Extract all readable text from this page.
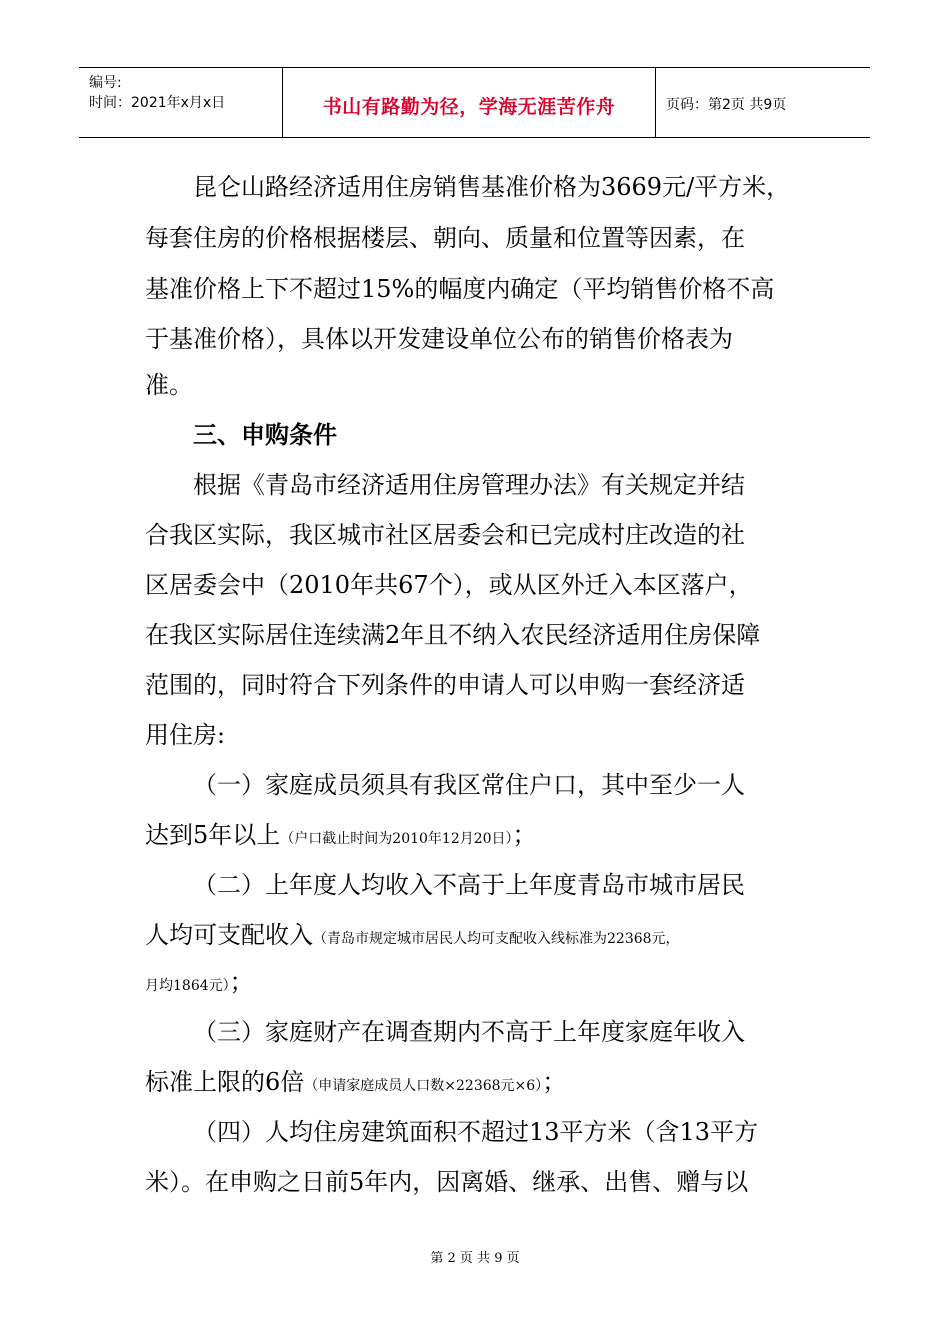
编号:
时间：2021年x月x日	书山有路勤为径，学海无涯苦作舟	页码：第2页 共9页
昆仑山路经济适用住房销售基准价格为3669元/平方米，
每套住房的价格根据楼层、朝向、质量和位置等因素，在
基准价格上下不超过15%的幅度内确定（平均销售价格不高
于基准价格），具体以开发建设单位公布的销售价格表为
准。
三、申购条件
根据《青岛市经济适用住房管理办法》有关规定并结
合我区实际，我区城市社区居委会和已完成村庄改造的社
区居委会中（2010年共67个），或从区外迁入本区落户，
在我区实际居住连续满2年且不纳入农民经济适用住房保障
范围的，同时符合下列条件的申请人可以申购一套经济适
用住房:
（一）家庭成员须具有我区常住户口，其中至少一人
达到5年以上（户口截止时间为2010年12月20日）；
（二）上年度人均收入不高于上年度青岛市城市居民
人均可支配收入（青岛市规定城市居民人均可支配收入线标准为22368元，
月均1864元）；
（三）家庭财产在调查期内不高于上年度家庭年收入
标准上限的6倍（申请家庭成员人口数×22368元×6）；
（四）人均住房建筑面积不超过13平方米（含13平方
米）。在申购之日前5年内，因离婚、继承、出售、赠与以
第 2 页 共 9 页
